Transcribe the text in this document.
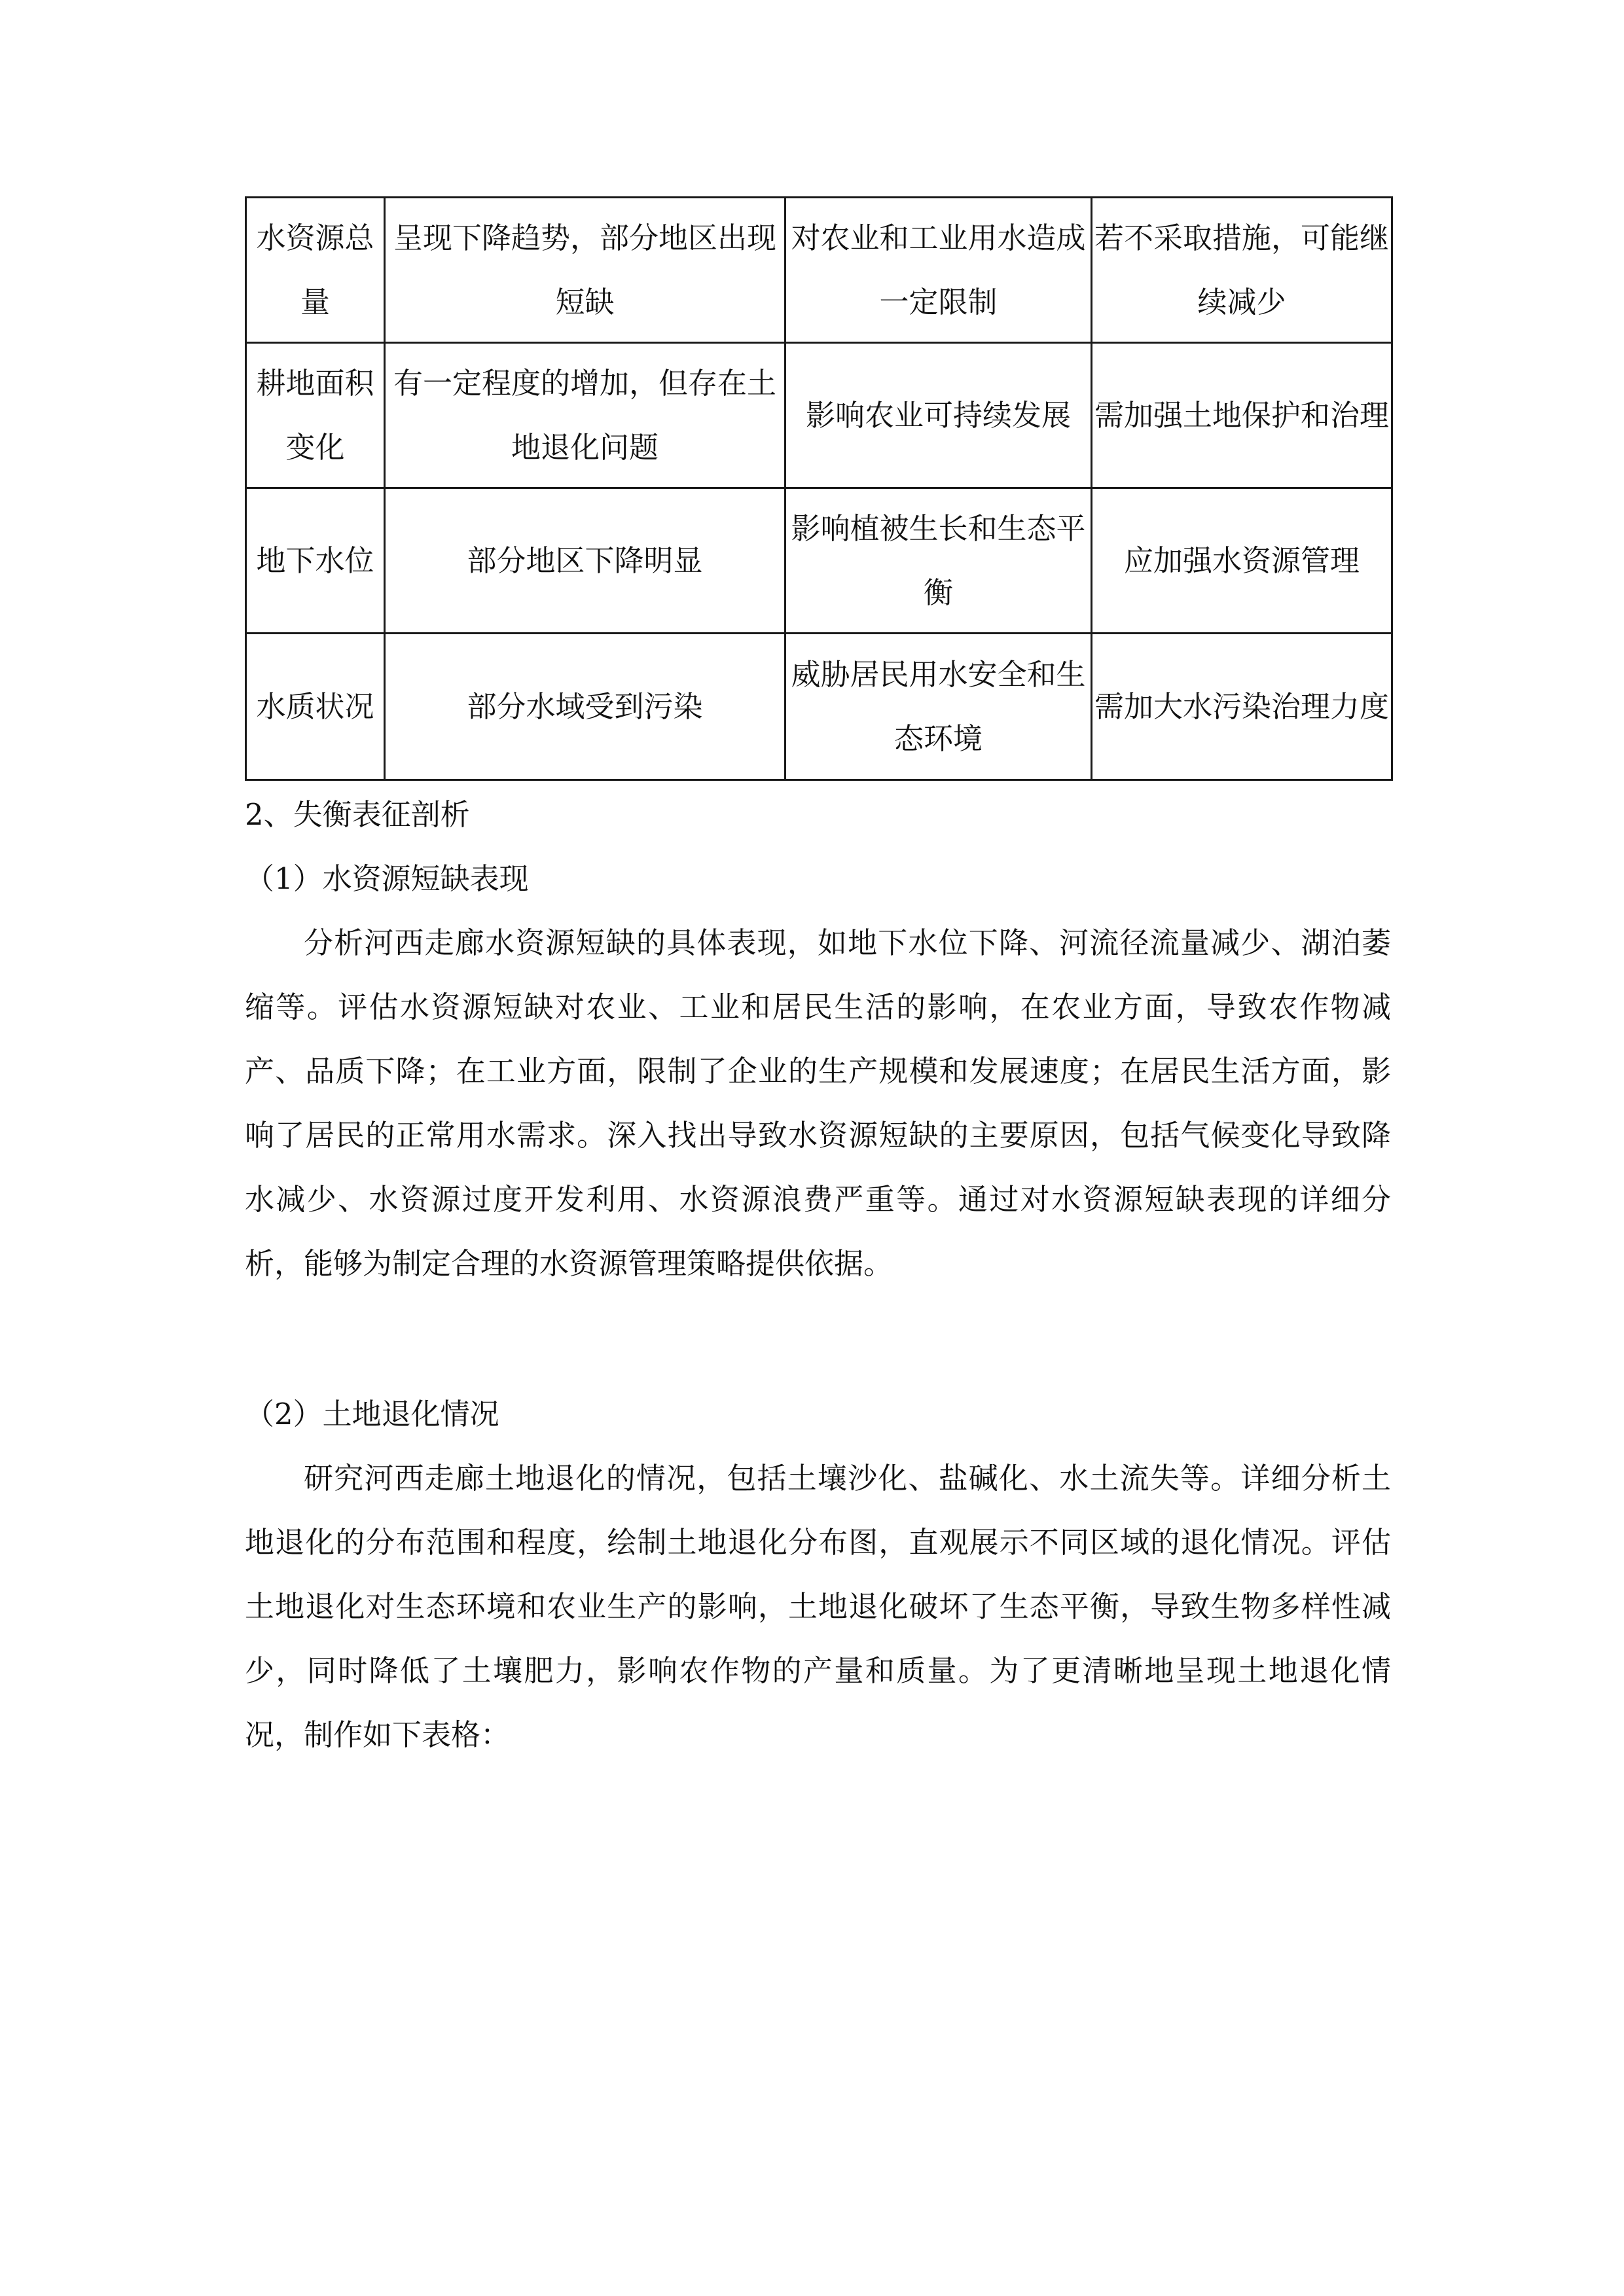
水资源总量	呈现下降趋势，部分地区出现短缺	对农业和工业用水造成一定限制	若不采取措施，可能继续减少
耕地面积变化	有一定程度的增加，但存在土地退化问题	影响农业可持续发展	需加强土地保护和治理
地下水位	部分地区下降明显	影响植被生长和生态平衡	应加强水资源管理
水质状况	部分水域受到污染	威胁居民用水安全和生态环境	需加大水污染治理力度
2、失衡表征剖析
（1）水资源短缺表现

分析河西走廊水资源短缺的具体表现，如地下水位下降、河流径流量减少、湖泊萎缩等。评估水资源短缺对农业、工业和居民生活的影响，在农业方面，导致农作物减产、品质下降；在工业方面，限制了企业的生产规模和发展速度；在居民生活方面，影响了居民的正常用水需求。深入找出导致水资源短缺的主要原因，包括气候变化导致降水减少、水资源过度开发利用、水资源浪费严重等。通过对水资源短缺表现的详细分析，能够为制定合理的水资源管理策略提供依据。

（2）土地退化情况

研究河西走廊土地退化的情况，包括土壤沙化、盐碱化、水土流失等。详细分析土地退化的分布范围和程度，绘制土地退化分布图，直观展示不同区域的退化情况。评估土地退化对生态环境和农业生产的影响，土地退化破坏了生态平衡，导致生物多样性减少，同时降低了土壤肥力，影响农作物的产量和质量。为了更清晰地呈现土地退化情况，制作如下表格：
